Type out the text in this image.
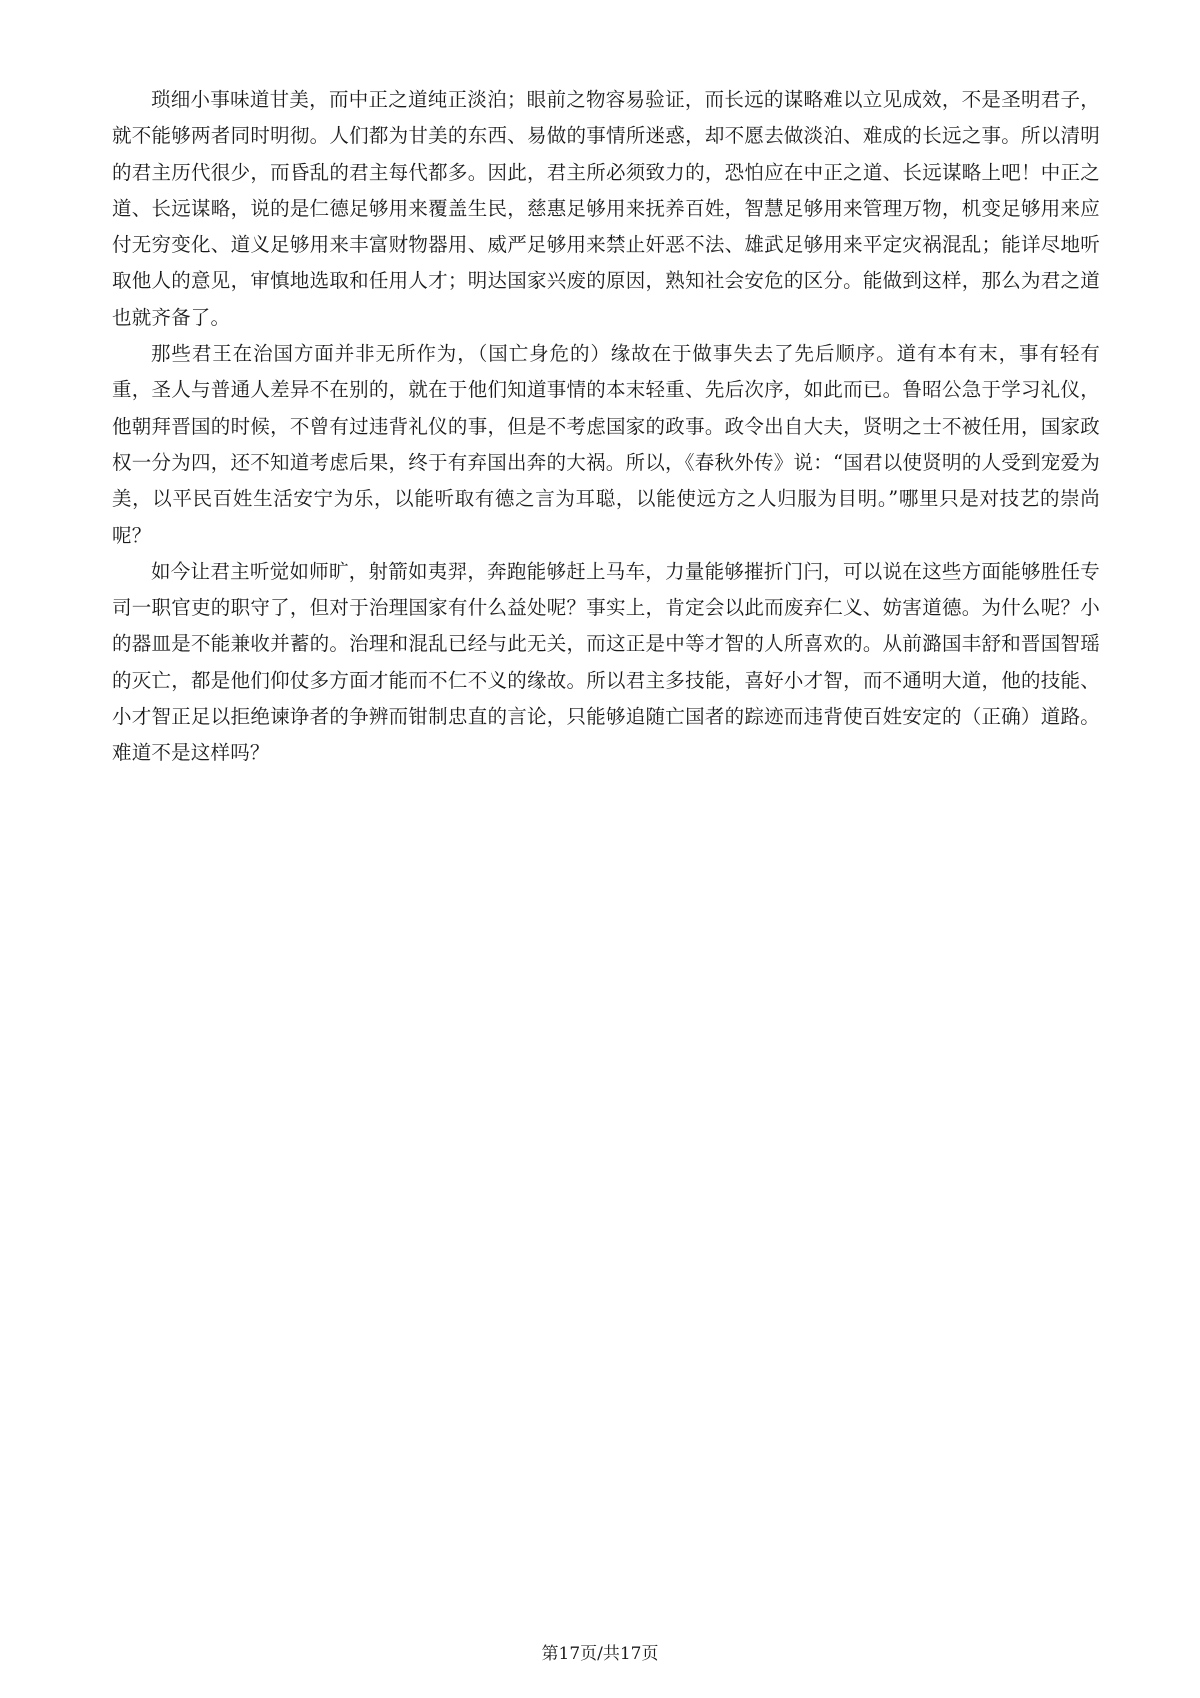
琐细小事味道甘美，而中正之道纯正淡泊；眼前之物容易验证，而长远的谋略难以立见成效，不是圣明君子，就不能够两者同时明彻。人们都为甘美的东西、易做的事情所迷惑，却不愿去做淡泊、难成的长远之事。所以清明的君主历代很少，而昏乱的君主每代都多。因此，君主所必须致力的，恐怕应在中正之道、长远谋略上吧！中正之道、长远谋略，说的是仁德足够用来覆盖生民，慈惠足够用来抚养百姓，智慧足够用来管理万物，机变足够用来应付无穷变化、道义足够用来丰富财物器用、威严足够用来禁止奸恶不法、雄武足够用来平定灾祸混乱；能详尽地听取他人的意见，审慎地选取和任用人才；明达国家兴废的原因，熟知社会安危的区分。能做到这样，那么为君之道也就齐备了。

那些君王在治国方面并非无所作为，（国亡身危的）缘故在于做事失去了先后顺序。道有本有末，事有轻有重，圣人与普通人差异不在别的，就在于他们知道事情的本末轻重、先后次序，如此而已。鲁昭公急于学习礼仪，他朝拜晋国的时候，不曾有过违背礼仪的事，但是不考虑国家的政事。政令出自大夫，贤明之士不被任用，国家政权一分为四，还不知道考虑后果，终于有弃国出奔的大祸。所以，《春秋外传》说：“国君以使贤明的人受到宠爱为美，以平民百姓生活安宁为乐，以能听取有德之言为耳聪，以能使远方之人归服为目明。”哪里只是对技艺的崇尚呢？

如今让君主听觉如师旷，射箭如夷羿，奔跑能够赶上马车，力量能够摧折门闩，可以说在这些方面能够胜任专司一职官吏的职守了，但对于治理国家有什么益处呢？事实上，肯定会以此而废弃仁义、妨害道德。为什么呢？小的器皿是不能兼收并蓄的。治理和混乱已经与此无关，而这正是中等才智的人所喜欢的。从前潞国丰舒和晋国智瑶的灭亡，都是他们仰仗多方面才能而不仁不义的缘故。所以君主多技能，喜好小才智，而不通明大道，他的技能、小才智正足以拒绝谏诤者的争辨而钳制忠直的言论，只能够追随亡国者的踪迹而违背使百姓安定的（正确）道路。难道不是这样吗？

第17页/共17页
